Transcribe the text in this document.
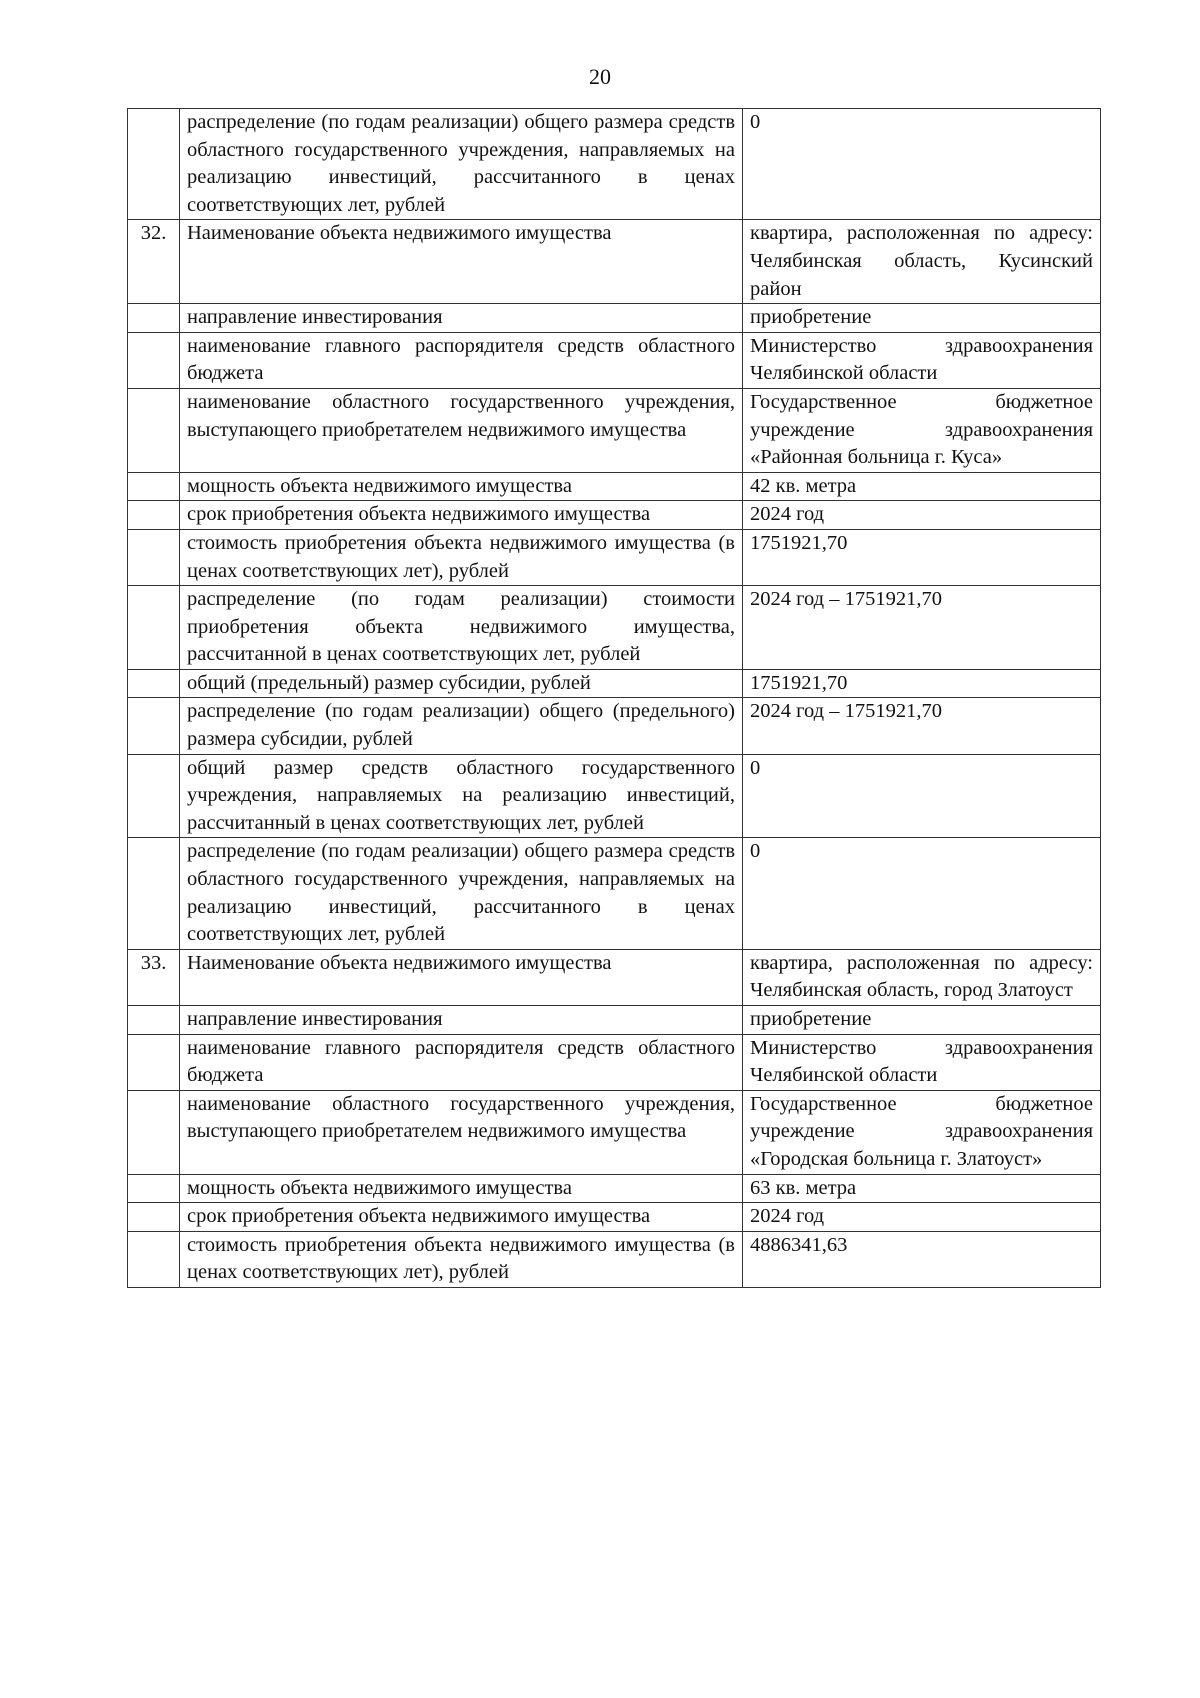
20
	распределение (по годам реализации) общего размера средств областного государственного учреждения, направляемых на реализацию инвестиций, рассчитанного в ценах соответствующих лет, рублей	0
32.	Наименование объекта недвижимого имущества	квартира, расположенная по адресу: Челябинская область, Кусинский район
	направление инвестирования	приобретение
	наименование главного распорядителя средств областного бюджета	Министерство здравоохранения Челябинской области
	наименование областного государственного учреждения, выступающего приобретателем недвижимого имущества	Государственное бюджетное учреждение здравоохранения «Районная больница г. Куса»
	мощность объекта недвижимого имущества	42 кв. метра
	срок приобретения объекта недвижимого имущества	2024 год
	стоимость приобретения объекта недвижимого имущества (в ценах соответствующих лет), рублей	1751921,70
	распределение (по годам реализации) стоимости приобретения объекта недвижимого имущества, рассчитанной в ценах соответствующих лет, рублей	2024 год – 1751921,70
	общий (предельный) размер субсидии, рублей	1751921,70
	распределение (по годам реализации) общего (предельного) размера субсидии, рублей	2024 год – 1751921,70
	общий размер средств областного государственного учреждения, направляемых на реализацию инвестиций, рассчитанный в ценах соответствующих лет, рублей	0
	распределение (по годам реализации) общего размера средств областного государственного учреждения, направляемых на реализацию инвестиций, рассчитанного в ценах соответствующих лет, рублей	0
33.	Наименование объекта недвижимого имущества	квартира, расположенная по адресу: Челябинская область, город Златоуст
	направление инвестирования	приобретение
	наименование главного распорядителя средств областного бюджета	Министерство здравоохранения Челябинской области
	наименование областного государственного учреждения, выступающего приобретателем недвижимого имущества	Государственное бюджетное учреждение здравоохранения «Городская больница г. Златоуст»
	мощность объекта недвижимого имущества	63 кв. метра
	срок приобретения объекта недвижимого имущества	2024 год
	стоимость приобретения объекта недвижимого имущества (в ценах соответствующих лет), рублей	4886341,63
